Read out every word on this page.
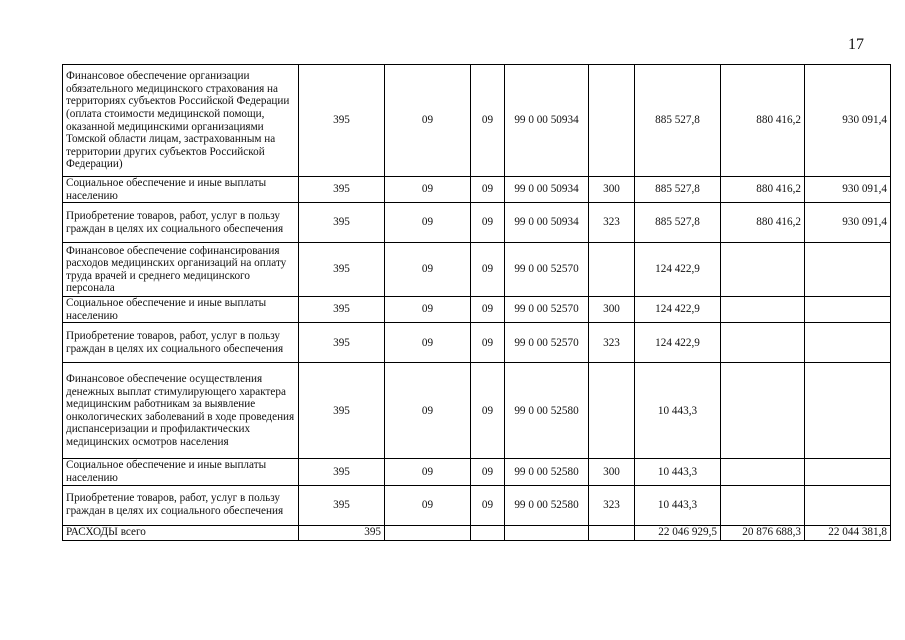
17
Финансовое обеспечение организации обязательного медицинского страхования на территориях субъектов Российской Федерации (оплата стоимости медицинской помощи, оказанной медицинскими организациями Томской области лицам, застрахованным на территории других субъектов Российской Федерации)	395	09	09	99 0 00 50934		885 527,8	880 416,2	930 091,4
Социальное обеспечение и иные выплаты населению	395	09	09	99 0 00 50934	300	885 527,8	880 416,2	930 091,4
Приобретение товаров, работ, услуг в пользу граждан в целях их социального обеспечения	395	09	09	99 0 00 50934	323	885 527,8	880 416,2	930 091,4
Финансовое обеспечение софинансирования расходов медицинских организаций на оплату труда врачей и среднего медицинского персонала	395	09	09	99 0 00 52570		124 422,9		
Социальное обеспечение и иные выплаты населению	395	09	09	99 0 00 52570	300	124 422,9		
Приобретение товаров, работ, услуг в пользу граждан в целях их социального обеспечения	395	09	09	99 0 00 52570	323	124 422,9		
Финансовое обеспечение осуществления денежных выплат стимулирующего характера медицинским работникам за выявление онкологических заболеваний в ходе проведения диспансеризации и профилактических медицинских осмотров населения	395	09	09	99 0 00 52580		10 443,3		
Социальное обеспечение и иные выплаты населению	395	09	09	99 0 00 52580	300	10 443,3		
Приобретение товаров, работ, услуг в пользу граждан в целях их социального обеспечения	395	09	09	99 0 00 52580	323	10 443,3		
РАСХОДЫ всего	395					22 046 929,5	20 876 688,3	22 044 381,8
